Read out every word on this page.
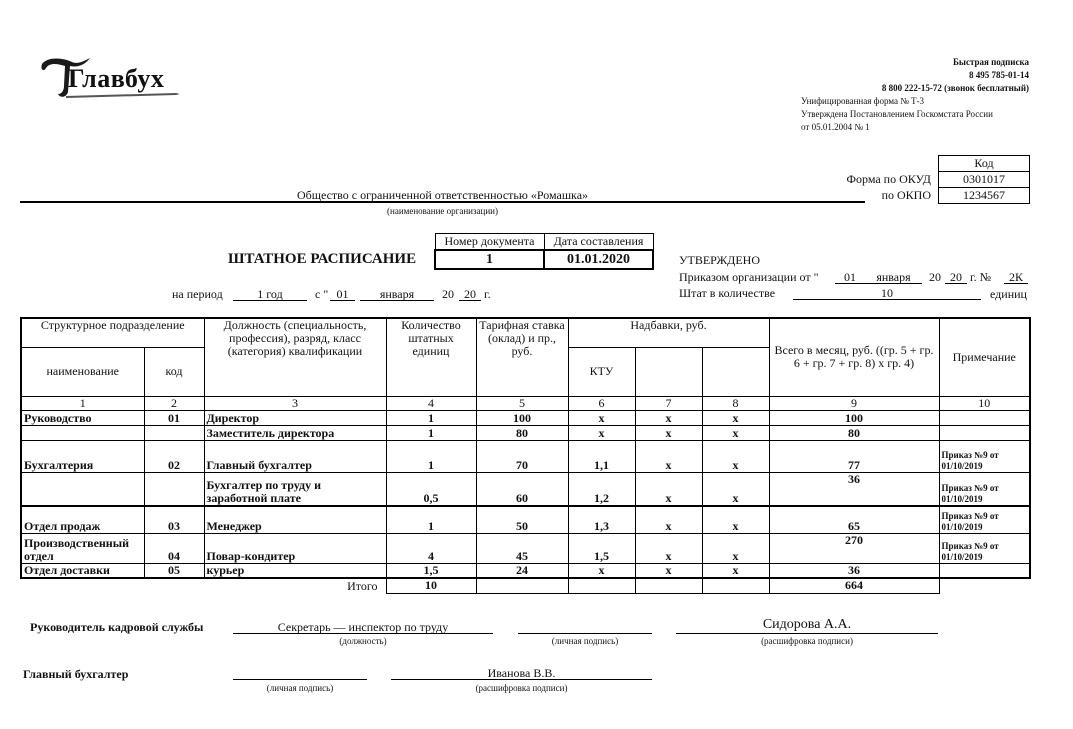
Главбух
Быстрая подписка
8 495 785-01-14
8 800 222-15-72 (звонок бесплатный)
Унифицированная форма № Т-3
Утверждена Постановлением Госкомстата России
от 05.01.2004 № 1
Код
0301017
1234567
Форма по ОКУД
по ОКПО
Общество с ограниченной ответственностью «Ромашка»
(наименование организации)
ШТАТНОЕ РАСПИСАНИЕ
Номер документа	Дата составления
1	01.01.2020
на период	1 год	с " 01	января	20 20 г.
УТВЕРЖДЕНО
Приказом организации от "	01	января	20 20 г. №	2К
Штат в количестве	10	единиц
Структурное подразделение		Должность (специальность, профессия), разряд, класс (категория) квалификации	Количество штатных единиц	Тарифная ставка (оклад) и пр., руб.	Надбавки, руб.			Всего в месяц, руб. ((гр. 5 + гр. 6 + гр. 7 + гр. 8) х гр. 4)	Примечание
наименование	код				КТУ				
1	2	3	4	5	6	7	8	9	10
Руководство	01	Директор	1	100	х	х	х	100	
		Заместитель директора	1	80	х	х	х	80	
Бухгалтерия	02	Главный бухгалтер	1	70	1,1	х	х	77	Приказ №9 от 01/10/2019
		Бухгалтер по труду и заработной плате	0,5	60	1,2	х	х	36	Приказ №9 от 01/10/2019
Отдел продаж	03	Менеджер	1	50	1,3	х	х	65	Приказ №9 от 01/10/2019
Производственный отдел	04	Повар-кондитер	4	45	1,5	х	х	270	Приказ №9 от 01/10/2019
Отдел доставки	05	курьер	1,5	24	х	х	х	36	
Итого			10					664	
Руководитель кадровой службы	Секретарь — инспектор по труду
(должность)	(личная подпись)
Сидорова А.А.
(расшифровка подписи)
Главный бухгалтер
(личная подпись)
Иванова В.В.
(расшифровка подписи)
